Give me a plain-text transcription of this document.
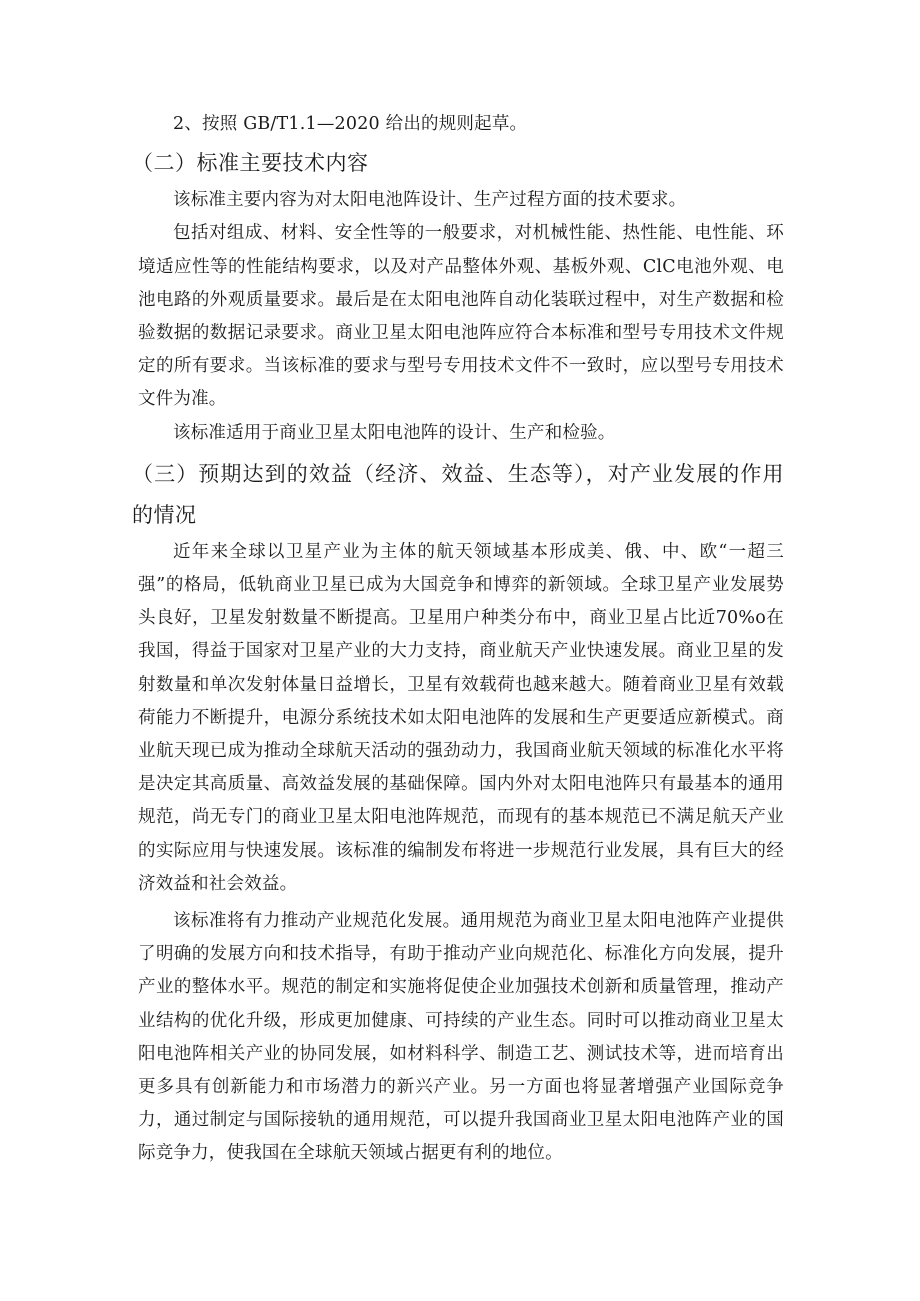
2、按照 GB/T1.1—2020 给出的规则起草。

（二）标准主要技术内容

该标准主要内容为对太阳电池阵设计、生产过程方面的技术要求。

包括对组成、材料、安全性等的一般要求，对机械性能、热性能、电性能、环境适应性等的性能结构要求，以及对产品整体外观、基板外观、ClC电池外观、电池电路的外观质量要求。最后是在太阳电池阵自动化装联过程中，对生产数据和检验数据的数据记录要求。商业卫星太阳电池阵应符合本标准和型号专用技术文件规定的所有要求。当该标准的要求与型号专用技术文件不一致时，应以型号专用技术文件为准。

该标准适用于商业卫星太阳电池阵的设计、生产和检验。

（三）预期达到的效益（经济、效益、生态等），对产业发展的作用的情况

近年来全球以卫星产业为主体的航天领域基本形成美、俄、中、欧“一超三强”的格局，低轨商业卫星已成为大国竞争和博弈的新领域。全球卫星产业发展势头良好，卫星发射数量不断提高。卫星用户种类分布中，商业卫星占比近70%o在我国，得益于国家对卫星产业的大力支持，商业航天产业快速发展。商业卫星的发射数量和单次发射体量日益增长，卫星有效载荷也越来越大。随着商业卫星有效载荷能力不断提升，电源分系统技术如太阳电池阵的发展和生产更要适应新模式。商业航天现已成为推动全球航天活动的强劲动力，我国商业航天领域的标准化水平将是决定其高质量、高效益发展的基础保障。国内外对太阳电池阵只有最基本的通用规范，尚无专门的商业卫星太阳电池阵规范，而现有的基本规范已不满足航天产业的实际应用与快速发展。该标准的编制发布将进一步规范行业发展，具有巨大的经济效益和社会效益。

该标准将有力推动产业规范化发展。通用规范为商业卫星太阳电池阵产业提供了明确的发展方向和技术指导，有助于推动产业向规范化、标准化方向发展，提升产业的整体水平。规范的制定和实施将促使企业加强技术创新和质量管理，推动产业结构的优化升级，形成更加健康、可持续的产业生态。同时可以推动商业卫星太阳电池阵相关产业的协同发展，如材料科学、制造工艺、测试技术等，进而培育出更多具有创新能力和市场潜力的新兴产业。另一方面也将显著增强产业国际竞争力，通过制定与国际接轨的通用规范，可以提升我国商业卫星太阳电池阵产业的国际竞争力，使我国在全球航天领域占据更有利的地位。
